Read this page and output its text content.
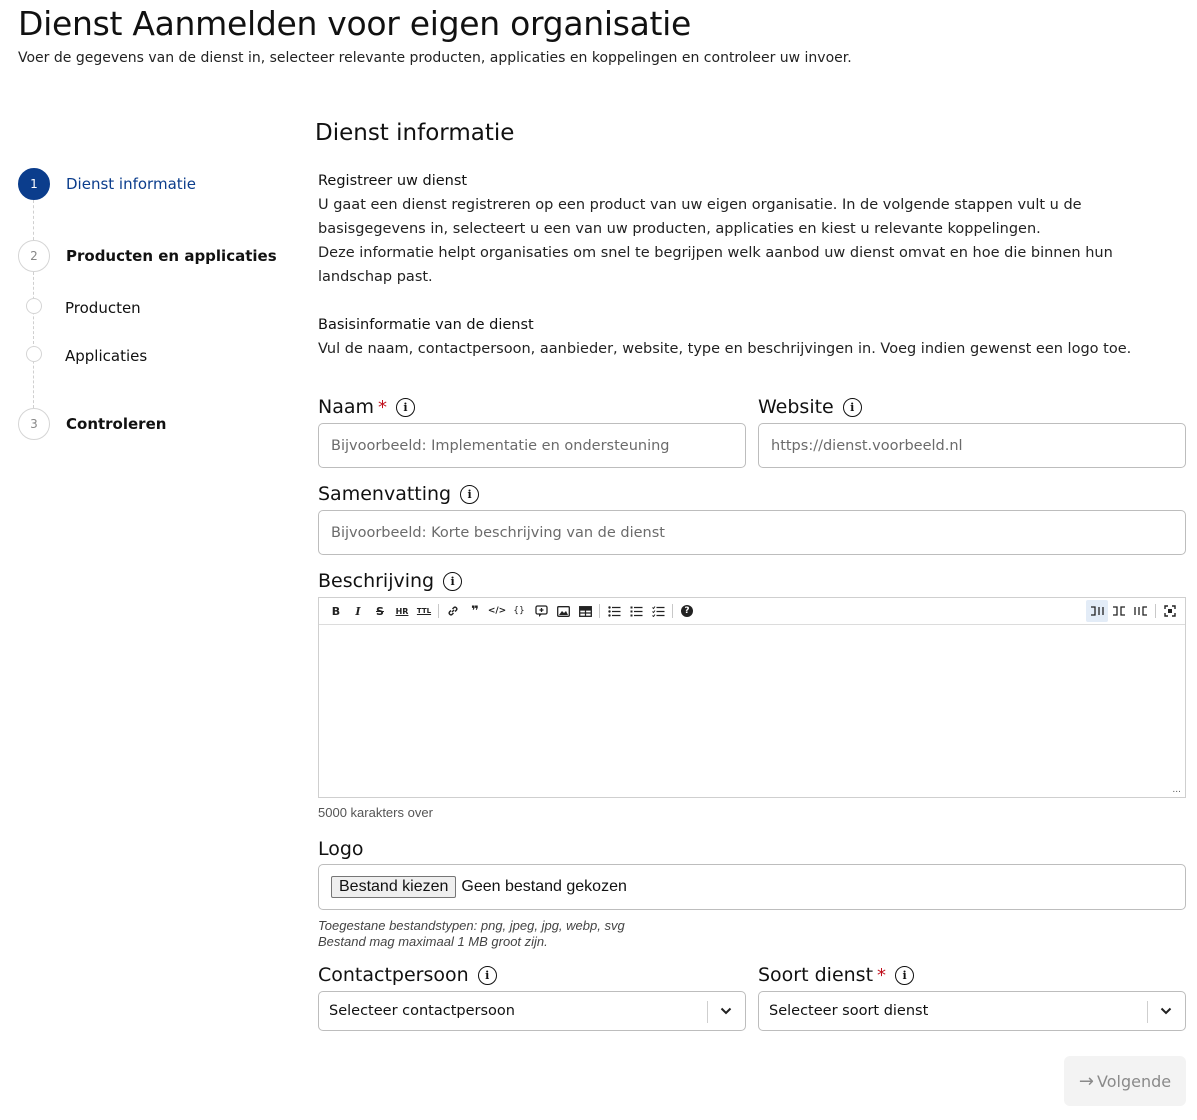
Dienst Aanmelden voor eigen organisatie

Voer de gegevens van de dienst in, selecteer relevante producten, applicaties en koppelingen en controleer uw invoer.

1	Dienst informatie
2	Producten en applicaties
Producten
Applicaties
3	Controleren
Dienst informatie
Registreer uw dienst
U gaat een dienst registreren op een product van uw eigen organisatie. In de volgende stappen vult u de basisgegevens in, selecteert u een van uw producten, applicaties en kiest u relevante koppelingen.
Deze informatie helpt organisaties om snel te begrijpen welk aanbod uw dienst omvat en hoe die binnen hun landschap past.
Basisinformatie van de dienst
Vul de naam, contactpersoon, aanbieder, website, type en beschrijvingen in. Voeg indien gewenst een logo toe.
Naam *	i
Bijvoorbeeld: Implementatie en ondersteuning	Website	i
https://dienst.voorbeeld.nl
Samenvatting	i
Bijvoorbeeld: Korte beschrijving van de dienst
Beschrijving	i
B	I	S	HR	TTL	❞	</> {}	?
...
5000 karakters over
Logo
Bestand kiezen Geen bestand gekozen
Toegestane bestandstypen: png, jpeg, jpg, webp, svg
Bestand mag maximaal 1 MB groot zijn.
Contactpersoon	i
Selecteer contactpersoon
Soort dienst *	i
Selecteer soort dienst
→ Volgende
